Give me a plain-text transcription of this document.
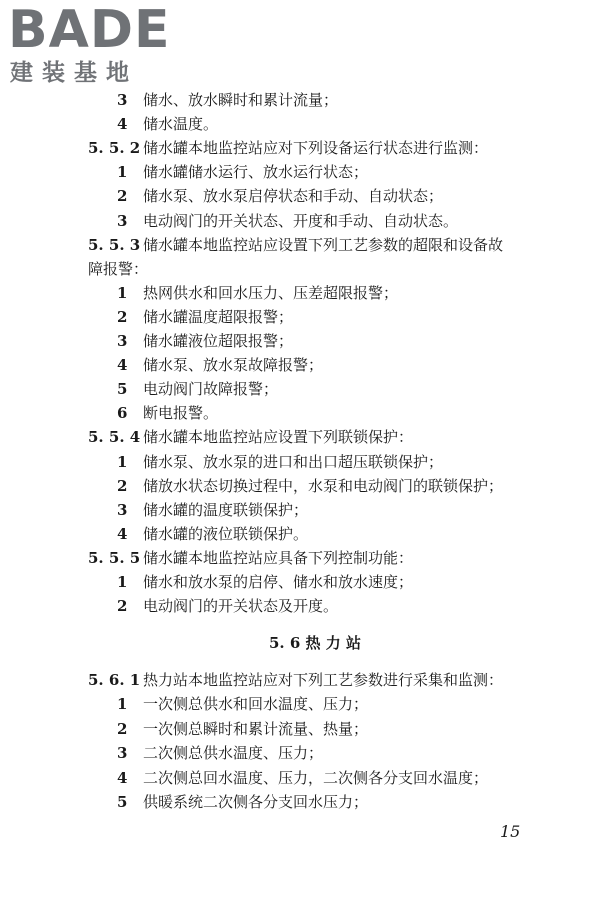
BADE
建装基地
3 储水、放水瞬时和累计流量；
4 储水温度。
5. 5. 2 储水罐本地监控站应对下列设备运行状态进行监测：
1 储水罐储水运行、放水运行状态；
2 储水泵、放水泵启停状态和手动、自动状态；
3 电动阀门的开关状态、开度和手动、自动状态。
5. 5. 3 储水罐本地监控站应设置下列工艺参数的超限和设备故
障报警：
1 热网供水和回水压力、压差超限报警；
2 储水罐温度超限报警；
3 储水罐液位超限报警；
4 储水泵、放水泵故障报警；
5 电动阀门故障报警；
6 断电报警。
5. 5. 4 储水罐本地监控站应设置下列联锁保护：
1 储水泵、放水泵的进口和出口超压联锁保护；
2 储放水状态切换过程中，水泵和电动阀门的联锁保护；
3 储水罐的温度联锁保护；
4 储水罐的液位联锁保护。
5. 5. 5 储水罐本地监控站应具备下列控制功能：
1 储水和放水泵的启停、储水和放水速度；
2 电动阀门的开关状态及开度。
5. 6 热 力 站
5. 6. 1 热力站本地监控站应对下列工艺参数进行采集和监测：
1 一次侧总供水和回水温度、压力；
2 一次侧总瞬时和累计流量、热量；
3 二次侧总供水温度、压力；
4 二次侧总回水温度、压力，二次侧各分支回水温度；
5 供暖系统二次侧各分支回水压力；
15
